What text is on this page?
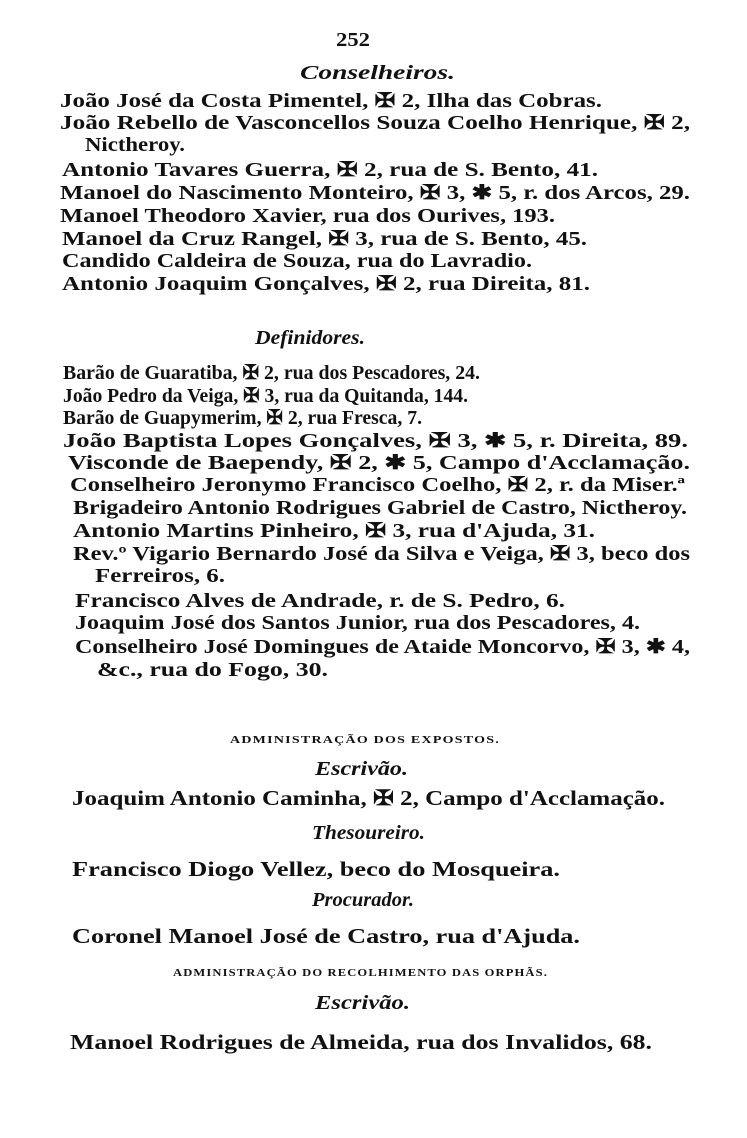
252
Conselheiros.
João José da Costa Pimentel, ✠ 2, Ilha das Cobras.
João Rebello de Vasconcellos Souza Coelho Henrique, ✠ 2,
Nictheroy.
Antonio Tavares Guerra, ✠ 2, rua de S. Bento, 41.
Manoel do Nascimento Monteiro, ✠ 3, ✱ 5, r. dos Arcos, 29.
Manoel Theodoro Xavier, rua dos Ourives, 193.
Manoel da Cruz Rangel, ✠ 3, rua de S. Bento, 45.
Candido Caldeira de Souza, rua do Lavradio.
Antonio Joaquim Gonçalves, ✠ 2, rua Direita, 81.
Definidores.
Barão de Guaratiba, ✠ 2, rua dos Pescadores, 24.
João Pedro da Veiga, ✠ 3, rua da Quitanda, 144.
Barão de Guapymerim, ✠ 2, rua Fresca, 7.
João Baptista Lopes Gonçalves, ✠ 3, ✱ 5, r. Direita, 89.
Visconde de Baependy, ✠ 2, ✱ 5, Campo d'Acclamação.
Conselheiro Jeronymo Francisco Coelho, ✠ 2, r. da Miser.ª
Brigadeiro Antonio Rodrigues Gabriel de Castro, Nictheroy.
Antonio Martins Pinheiro, ✠ 3, rua d'Ajuda, 31.
Rev.º Vigario Bernardo José da Silva e Veiga, ✠ 3, beco dos
Ferreiros, 6.
Francisco Alves de Andrade, r. de S. Pedro, 6.
Joaquim José dos Santos Junior, rua dos Pescadores, 4.
Conselheiro José Domingues de Ataide Moncorvo, ✠ 3, ✱ 4,
&c., rua do Fogo, 30.
ADMINISTRAÇÃO DOS EXPOSTOS.
Escrivão.
Joaquim Antonio Caminha, ✠ 2, Campo d'Acclamação.
Thesoureiro.
Francisco Diogo Vellez, beco do Mosqueira.
Procurador.
Coronel Manoel José de Castro, rua d'Ajuda.
ADMINISTRAÇÃO DO RECOLHIMENTO DAS ORPHÃS.
Escrivão.
Manoel Rodrigues de Almeida, rua dos Invalidos, 68.
